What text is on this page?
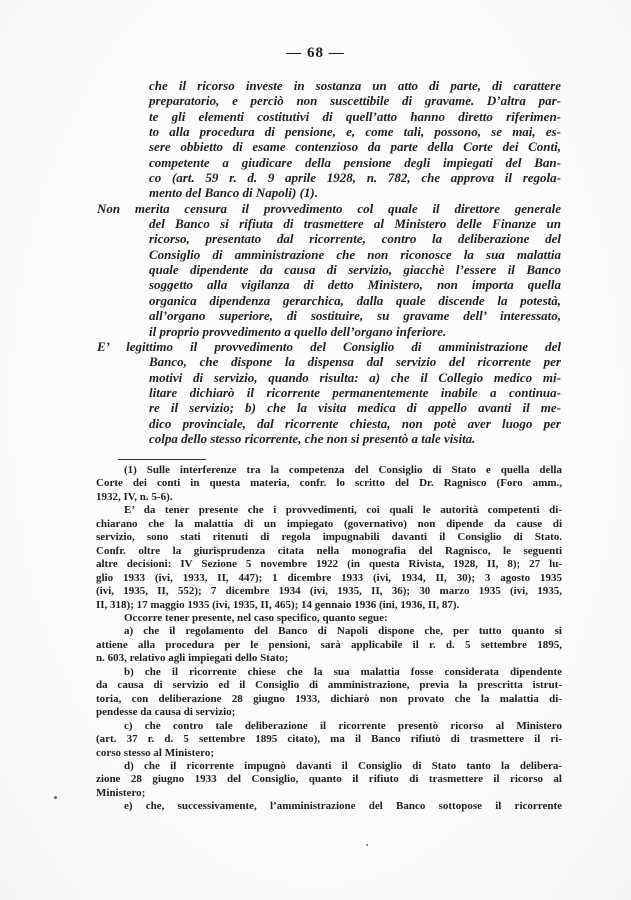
— 68 —
che il ricorso investe in sostanza un atto di parte, di carattere
preparatorio, e perciò non suscettibile di gravame. D’altra par-
te gli elementi costitutivi di quell’atto hanno diretto riferimen-
to alla procedura di pensione, e, come tali, possono, se mai, es-
sere obbietto di esame contenzioso da parte della Corte dei Conti,
competente a giudicare della pensione degli impiegati del Ban-
co (art. 59 r. d. 9 aprile 1928, n. 782, che approva il regola-
mento del Banco di Napoli) (1).
Non merita censura il provvedimento col quale il direttore generale
del Banco si rifiuta di trasmettere al Ministero delle Finanze un
ricorso, presentato dal ricorrente, contro la deliberazione del
Consiglio di amministrazione che non riconosce la sua malattia
quale dipendente da causa di servizio, giacchè l’essere il Banco
soggetto alla vigilanza di detto Ministero, non importa quella
organica dipendenza gerarchica, dalla quale discende la potestà,
all’organo superiore, di sostituire, su gravame dell’ interessato,
il proprio provvedimento a quello dell’organo inferiore.
E’ legittimo il provvedimento del Consiglio di amministrazione del
Banco, che dispone la dispensa dal servizio del ricorrente per
motivi di servizio, quando risulta: a) che il Collegio medico mi-
litare dichiarò il ricorrente permanentemente inabile a continua-
re il servizio; b) che la visita medica di appello avanti il me-
dico provinciale, dal ricorrente chiesta, non potè aver luogo per
colpa dello stesso ricorrente, che non si presentò a tale visita.
(1) Sulle interferenze tra la competenza del Consiglio di Stato e quella della
Corte dei conti in questa materia, confr. lo scritto del Dr. Ragnisco (Foro amm.,
1932, IV, n. 5-6).
E’ da tener presente che i provvedimenti, coi quali le autorità competenti di-
chiarano che la malattia di un impiegato (governativo) non dipende da cause di
servizio, sono stati ritenuti di regola impugnabili davanti il Consiglio di Stato.
Confr. oltre la giurisprudenza citata nella monografia del Ragnisco, le seguenti
altre decisioni: IV Sezione 5 novembre 1922 (in questa Rivista, 1928, II, 8); 27 lu-
glio 1933 (ivi, 1933, II, 447); 1 dicembre 1933 (ivi, 1934, II, 30); 3 agosto 1935
(ivi, 1935, II, 552); 7 dicembre 1934 (ivi, 1935, II, 36); 30 marzo 1935 (ivi, 1935,
II, 318); 17 maggio 1935 (ivi, 1935, II, 465); 14 gennaio 1936 (ini, 1936, II, 87).
Occorre tener presente, nel caso specifico, quanto segue:
a) che il regolamento del Banco di Napoli dispone che, per tutto quanto si
attiene alla procedura per le pensioni, sarà applicabile il r. d. 5 settembre 1895,
n. 603, relativo agli impiegati dello Stato;
b) che il ricorrente chiese che la sua malattia fosse considerata dipendente
da causa di servizio ed il Consiglio di amministrazione, previa la prescritta istrut-
toria, con deliberazione 28 giugno 1933, dichiarò non provato che la malattia di-
pendesse da causa di servizio;
c) che contro tale deliberazione il ricorrente presentò ricorso al Ministero
(art. 37 r. d. 5 settembre 1895 citato), ma il Banco rifiutò di trasmettere il ri-
corso stesso al Ministero;
d) che il ricorrente impugnò davanti il Consiglio di Stato tanto la delibera-
zione 28 giugno 1933 del Consiglio, quanto il rifiuto di trasmettere il ricorso al
Ministero;
e) che, successivamente, l’amministrazione del Banco sottopose il ricorrente
